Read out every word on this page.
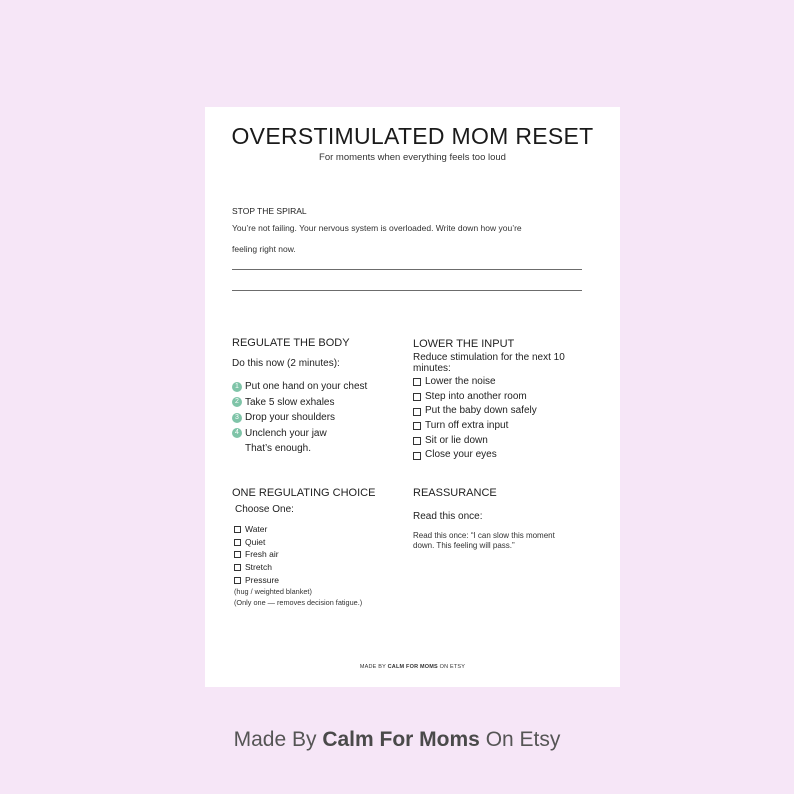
OVERSTIMULATED MOM RESET
For moments when everything feels too loud
STOP THE SPIRAL
You’re not failing. Your nervous system is overloaded. Write down how you’re
feeling right now.
REGULATE THE BODY
Do this now (2 minutes):
1 Put one hand on your chest
2 Take 5 slow exhales
3 Drop your shoulders
4 Unclench your jaw
That’s enough.
LOWER THE INPUT
Reduce stimulation for the next 10
minutes:
Lower the noise
Step into another room
Put the baby down safely
Turn off extra input
Sit or lie down
Close your eyes
ONE REGULATING CHOICE
Choose One:
Water
Quiet
Fresh air
Stretch
Pressure
(hug / weighted blanket)
(Only one — removes decision fatigue.)
REASSURANCE
Read this once:
Read this once: “I can slow this moment
down. This feeling will pass.”
MADE BY CALM FOR MOMS ON ETSY
Made By Calm For Moms On Etsy
